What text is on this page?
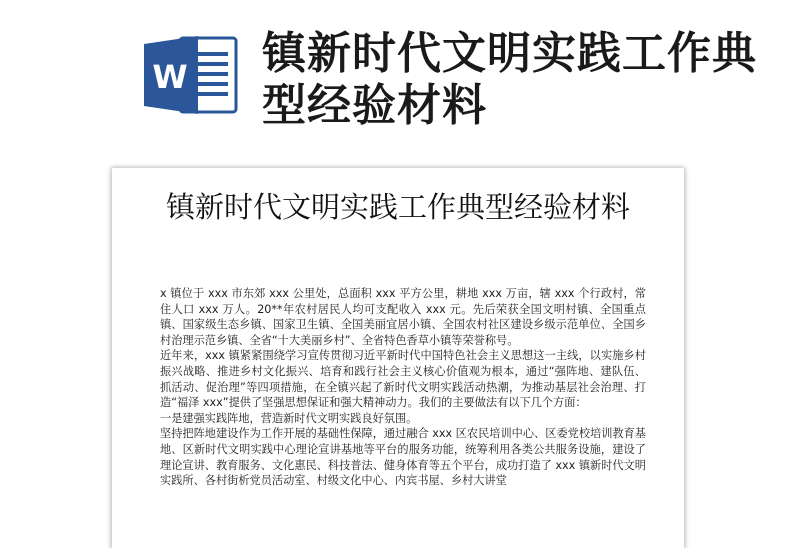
W 镇新时代文明实践工作典型经验材料
镇新时代文明实践工作典型经验材料

x 镇位于 xxx 市东郊 xxx 公里处，总面积 xxx 平方公里，耕地 xxx 万亩，辖 xxx 个行政村，常住人口 xxx 万人。20**年农村居民人均可支配收入 xxx 元。先后荣获全国文明村镇、全国重点镇、国家级生态乡镇、国家卫生镇、全国美丽宜居小镇、全国农村社区建设乡级示范单位、全国乡村治理示范乡镇、全省“十大美丽乡村”、全省特色香草小镇等荣誉称号。

近年来，xxx 镇紧紧围绕学习宣传贯彻习近平新时代中国特色社会主义思想这一主线，以实施乡村振兴战略、推进乡村文化振兴、培育和践行社会主义核心价值观为根本，通过“强阵地、建队伍、抓活动、促治理”等四项措施，在全镇兴起了新时代文明实践活动热潮，为推动基层社会治理、打造“福泽 xxx”提供了坚强思想保证和强大精神动力。我们的主要做法有以下几个方面：

一是建强实践阵地，营造新时代文明实践良好氛围。

坚持把阵地建设作为工作开展的基础性保障，通过融合 xxx 区农民培训中心、区委党校培训教育基地、区新时代文明实践中心理论宣讲基地等平台的服务功能，统筹利用各类公共服务设施，建设了理论宣讲、教育服务、文化惠民、科技普法、健身体育等五个平台，成功打造了 xxx 镇新时代文明实践所、各村街析党员活动室、村级文化中心、内宾书屋、乡村大讲堂
